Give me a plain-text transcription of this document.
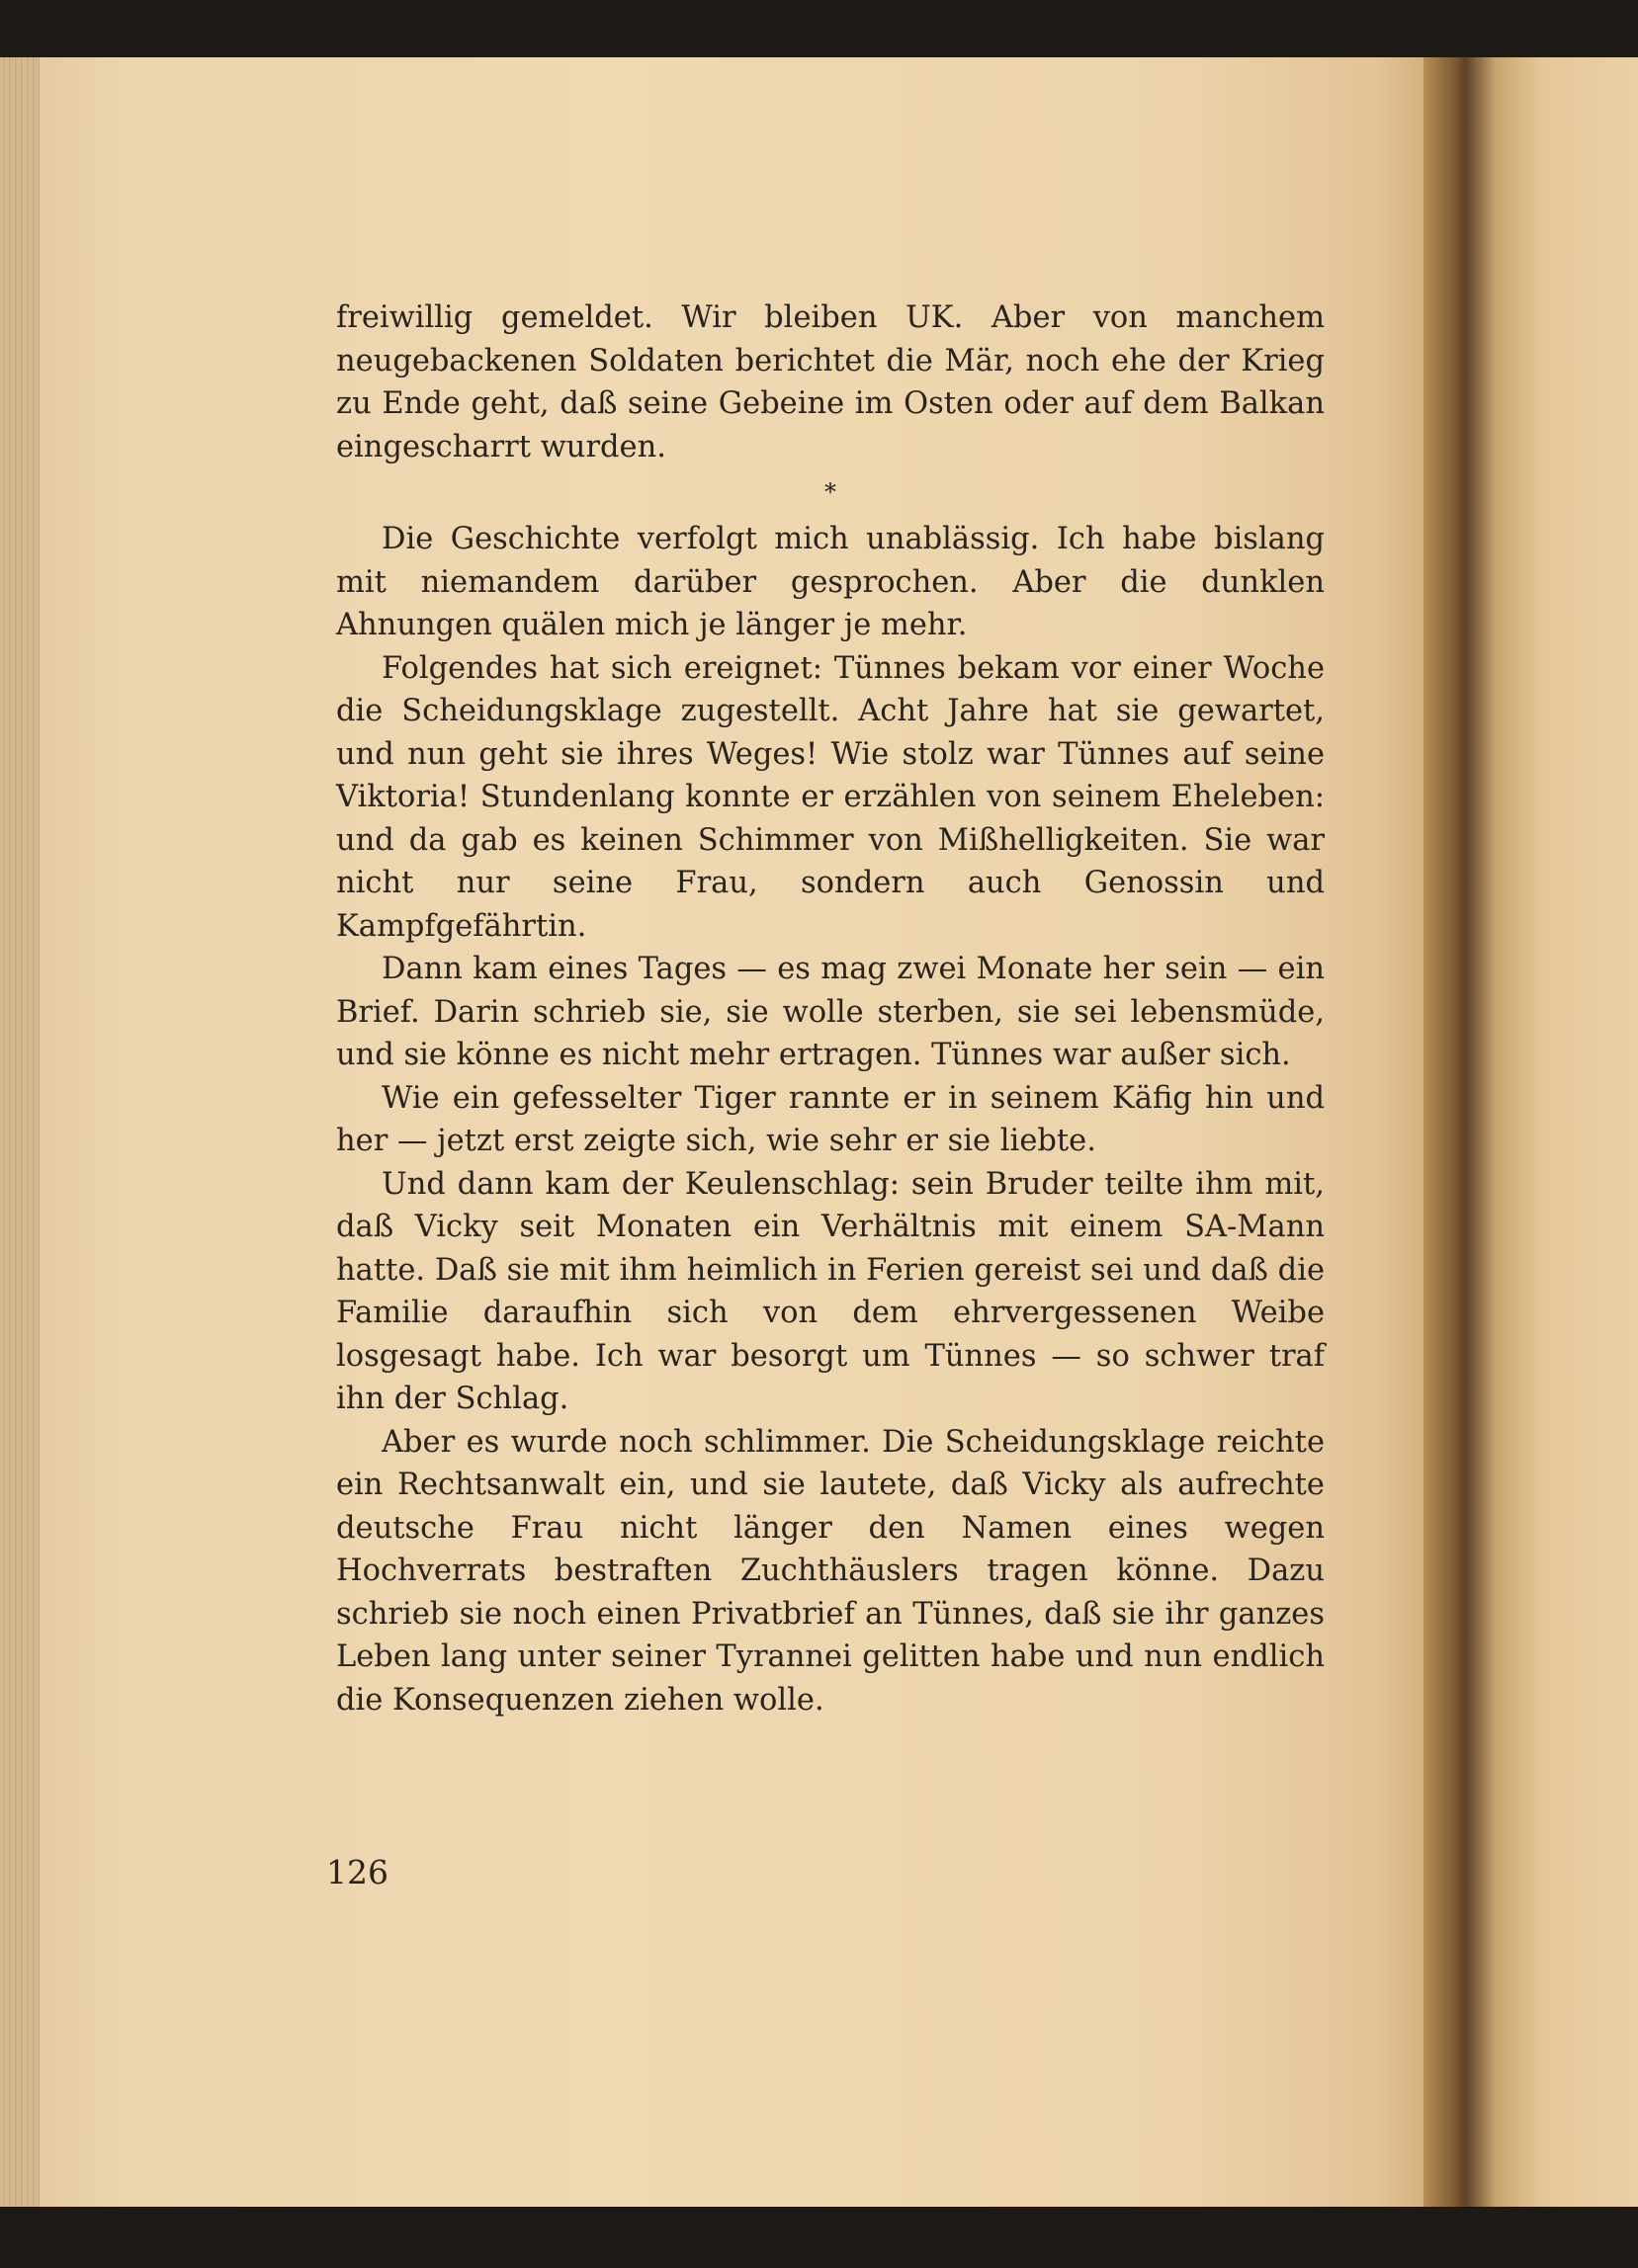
freiwillig gemeldet. Wir bleiben UK. Aber von manchem neugebackenen Soldaten berichtet die Mär, noch ehe der Krieg zu Ende geht, daß seine Gebeine im Osten oder auf dem Balkan eingescharrt wurden.

*

Die Geschichte verfolgt mich unablässig. Ich habe bislang mit niemandem darüber gesprochen. Aber die dunklen Ahnungen quälen mich je länger je mehr.

Folgendes hat sich ereignet: Tünnes bekam vor einer Woche die Scheidungsklage zugestellt. Acht Jahre hat sie gewartet, und nun geht sie ihres Weges! Wie stolz war Tünnes auf seine Viktoria! Stundenlang konnte er erzählen von seinem Eheleben: und da gab es keinen Schimmer von Mißhelligkeiten. Sie war nicht nur seine Frau, sondern auch Genossin und Kampfgefährtin.

Dann kam eines Tages — es mag zwei Monate her sein — ein Brief. Darin schrieb sie, sie wolle sterben, sie sei lebensmüde, und sie könne es nicht mehr ertragen. Tünnes war außer sich.

Wie ein gefesselter Tiger rannte er in seinem Käfig hin und her — jetzt erst zeigte sich, wie sehr er sie liebte.

Und dann kam der Keulenschlag: sein Bruder teilte ihm mit, daß Vicky seit Monaten ein Verhältnis mit einem SA-Mann hatte. Daß sie mit ihm heimlich in Ferien gereist sei und daß die Familie daraufhin sich von dem ehrvergessenen Weibe losgesagt habe. Ich war besorgt um Tünnes — so schwer traf ihn der Schlag.

Aber es wurde noch schlimmer. Die Scheidungsklage reichte ein Rechtsanwalt ein, und sie lautete, daß Vicky als aufrechte deutsche Frau nicht länger den Namen eines wegen Hochverrats bestraften Zuchthäuslers tragen könne. Dazu schrieb sie noch einen Privatbrief an Tünnes, daß sie ihr ganzes Leben lang unter seiner Tyrannei gelitten habe und nun endlich die Konsequenzen ziehen wolle.

126
